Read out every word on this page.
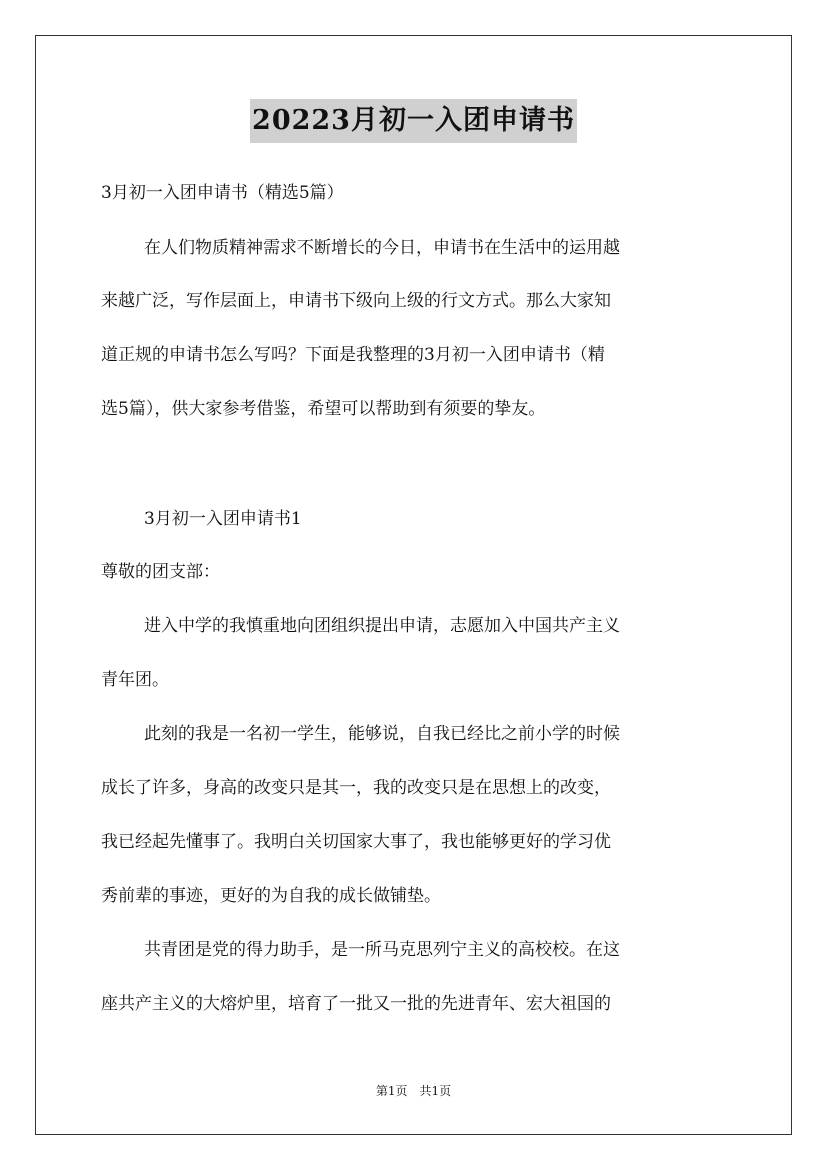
20223月初一入团申请书
3月初一入团申请书（精选5篇）
在人们物质精神需求不断增长的今日，申请书在生活中的运用越
来越广泛，写作层面上，申请书下级向上级的行文方式。那么大家知
道正规的申请书怎么写吗？下面是我整理的3月初一入团申请书（精
选5篇），供大家参考借鉴，希望可以帮助到有须要的挚友。
3月初一入团申请书1
尊敬的团支部：
进入中学的我慎重地向团组织提出申请，志愿加入中国共产主义
青年团。
此刻的我是一名初一学生，能够说，自我已经比之前小学的时候
成长了许多，身高的改变只是其一，我的改变只是在思想上的改变，
我已经起先懂事了。我明白关切国家大事了，我也能够更好的学习优
秀前辈的事迹，更好的为自我的成长做铺垫。
共青团是党的得力助手，是一所马克思列宁主义的高校校。在这
座共产主义的大熔炉里，培育了一批又一批的先进青年、宏大祖国的
第1页　共1页
